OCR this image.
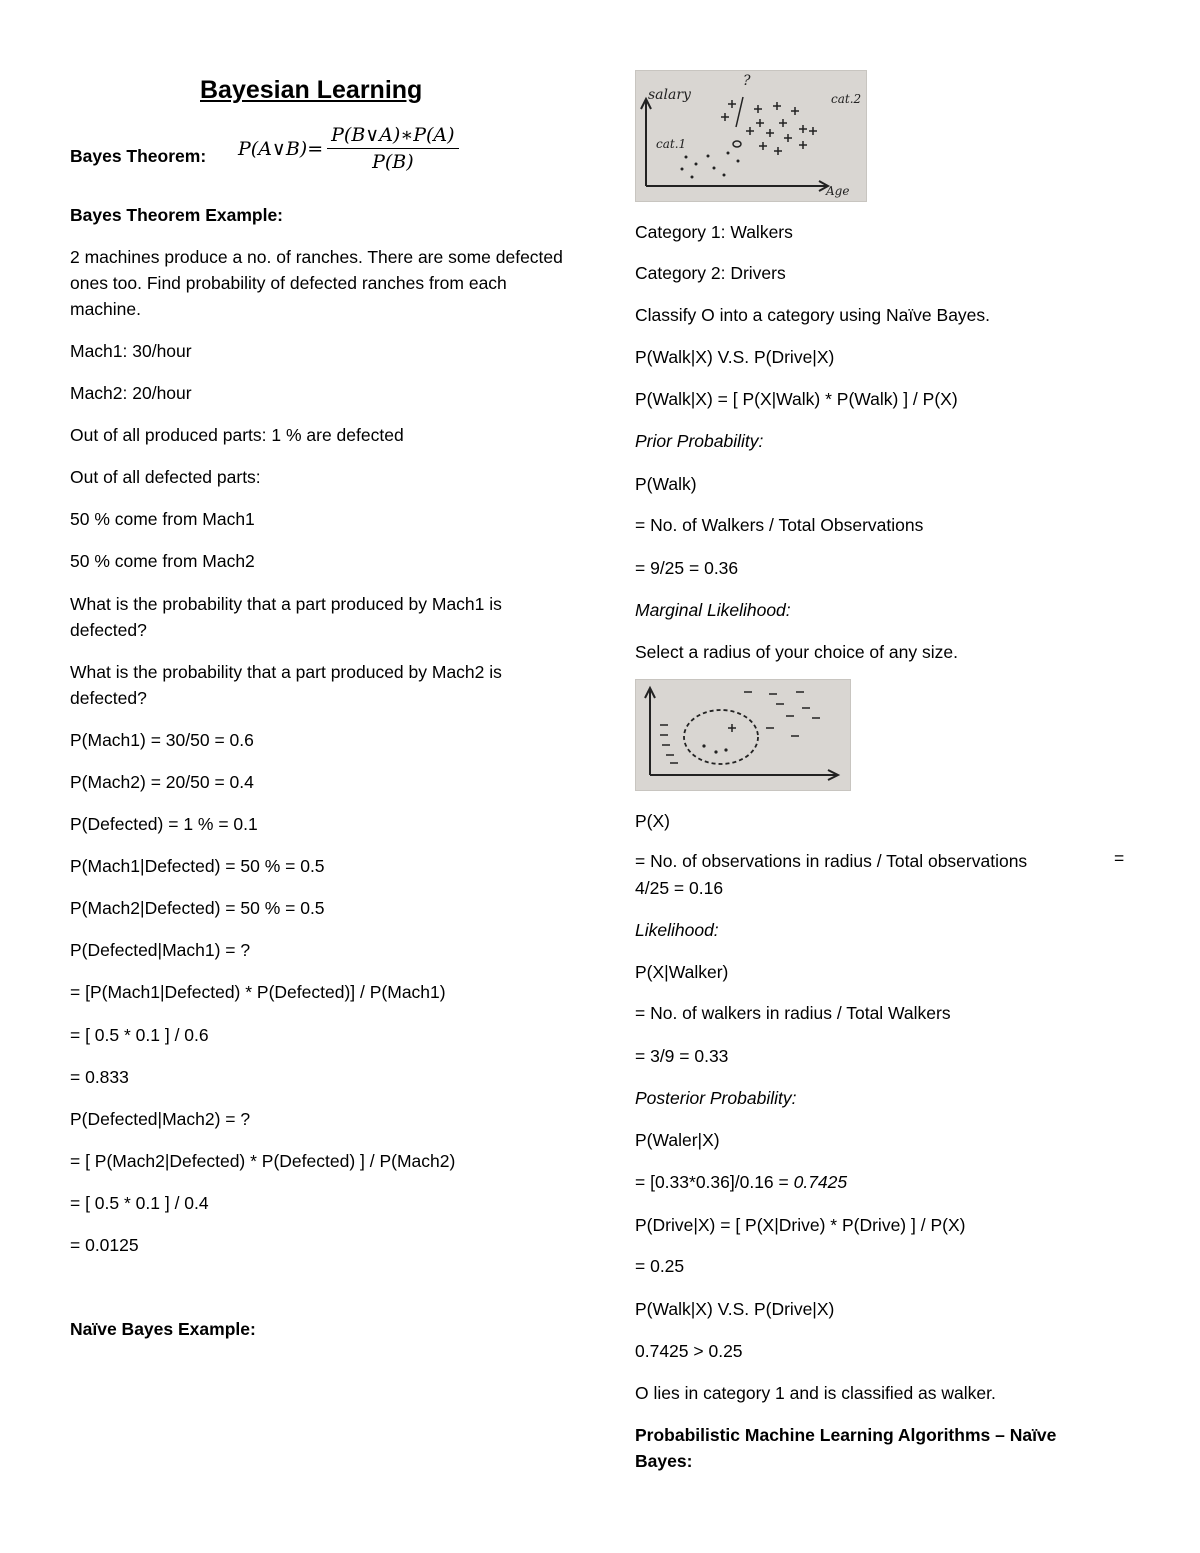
Bayesian Learning
Bayes Theorem: P(A∨B)= $\frac{P(B\vee A)∗P(A)}{P(B)}$
Bayes Theorem Example:
2 machines produce a no. of ranches. There are some defected ones too. Find probability of defected ranches from each machine.
Mach1: 30/hour
Mach2: 20/hour
Out of all produced parts: 1 % are defected
Out of all defected parts:
50 % come from Mach1
50 % come from Mach2
What is the probability that a part produced by Mach1 is defected?
What is the probability that a part produced by Mach2 is defected?
P(Mach1) = 30/50 = 0.6
P(Mach2) = 20/50 = 0.4
P(Defected) = 1 % = 0.1
P(Mach1|Defected) = 50 % = 0.5
P(Mach2|Defected) = 50 % = 0.5
P(Defected|Mach1) = ?
= [P(Mach1|Defected) * P(Defected)] / P(Mach1)
= [ 0.5 * 0.1 ] / 0.6
= 0.833
P(Defected|Mach2) = ?
= [ P(Mach2|Defected) * P(Defected) ] / P(Mach2)
= [ 0.5 * 0.1 ] / 0.4
= 0.0125
Naïve Bayes Example:
salary
Age
cat.1
cat.2
?
Category 1: Walkers
Category 2: Drivers
Classify O into a category using Naïve Bayes.
P(Walk|X) V.S. P(Drive|X)
P(Walk|X) = [ P(X|Walk) * P(Walk) ] / P(X)
Prior Probability:
P(Walk)
= No. of Walkers / Total Observations
= 9/25 = 0.36
Marginal Likelihood:
Select a radius of your choice of any size.
P(X)
= No. of observations in radius / Total observations	=
4/25 = 0.16
Likelihood:
P(X|Walker)
= No. of walkers in radius / Total Walkers
= 3/9 = 0.33
Posterior Probability:
P(Waler|X)
= [0.33*0.36]/0.16 = 0.7425
P(Drive|X) = [ P(X|Drive) * P(Drive) ] / P(X)
= 0.25
P(Walk|X) V.S. P(Drive|X)
0.7425 > 0.25
O lies in category 1 and is classified as walker.
Probabilistic Machine Learning Algorithms – Naïve Bayes:
